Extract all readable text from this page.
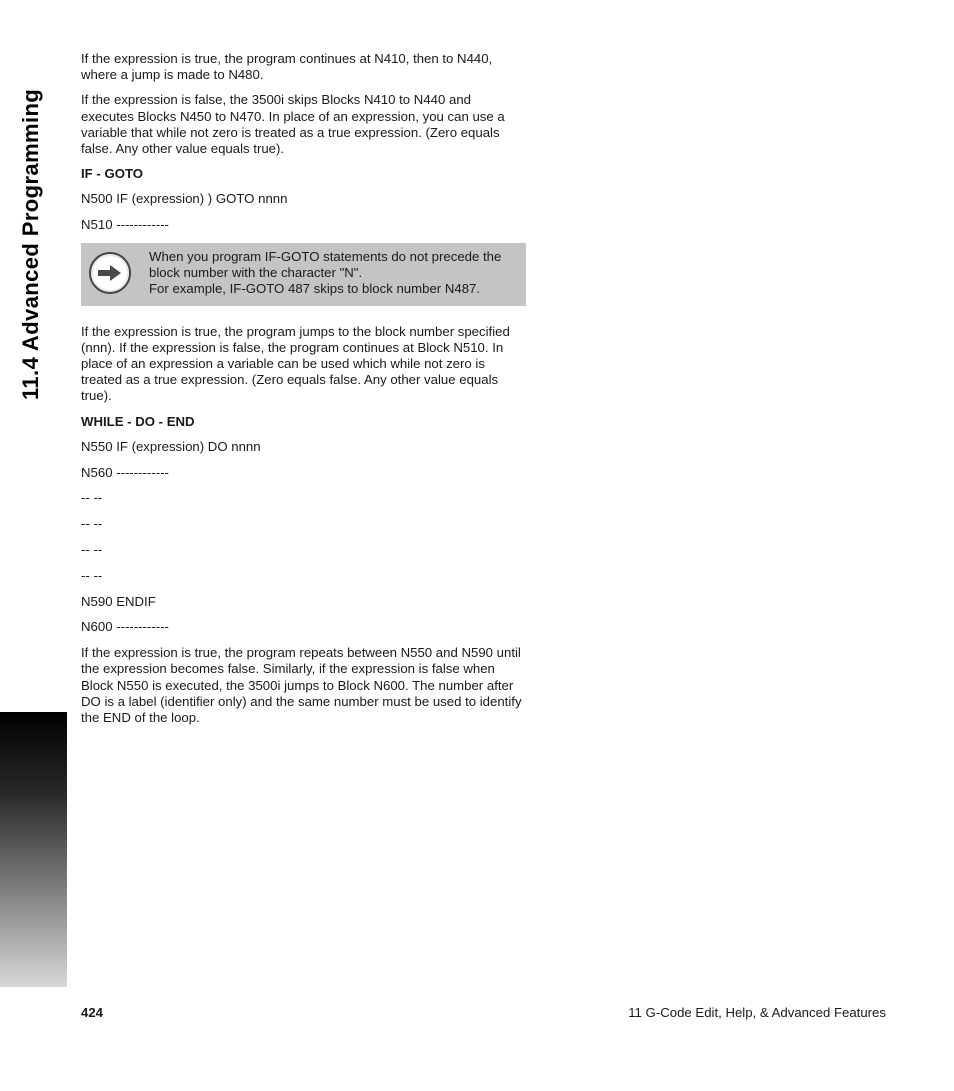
11.4 Advanced Programming

If the expression is true, the program continues at N410, then to N440, where a jump is made to N480.

If the expression is false, the 3500i skips Blocks N410 to N440 and executes Blocks N450 to N470. In place of an expression, you can use a variable that while not zero is treated as a true expression. (Zero equals false. Any other value equals true).

IF - GOTO
N500 IF (expression) ) GOTO nnnn
N510 ------------
When you program IF-GOTO statements do not precede the block number with the character "N".
For example, IF-GOTO 487 skips to block number N487.

If the expression is true, the program jumps to the block number specified (nnn). If the expression is false, the program continues at Block N510. In place of an expression a variable can be used which while not zero is treated as a true expression. (Zero equals false. Any other value equals true).

WHILE - DO - END
N550 IF (expression) DO nnnn
N560 ------------
-- --
-- --
-- --
-- --
N590 ENDIF
N600 ------------

If the expression is true, the program repeats between N550 and N590 until the expression becomes false. Similarly, if the expression is false when Block N550 is executed, the 3500i jumps to Block N600. The number after DO is a label (identifier only) and the same number must be used to identify the END of the loop.

424	11 G-Code Edit, Help, & Advanced Features
